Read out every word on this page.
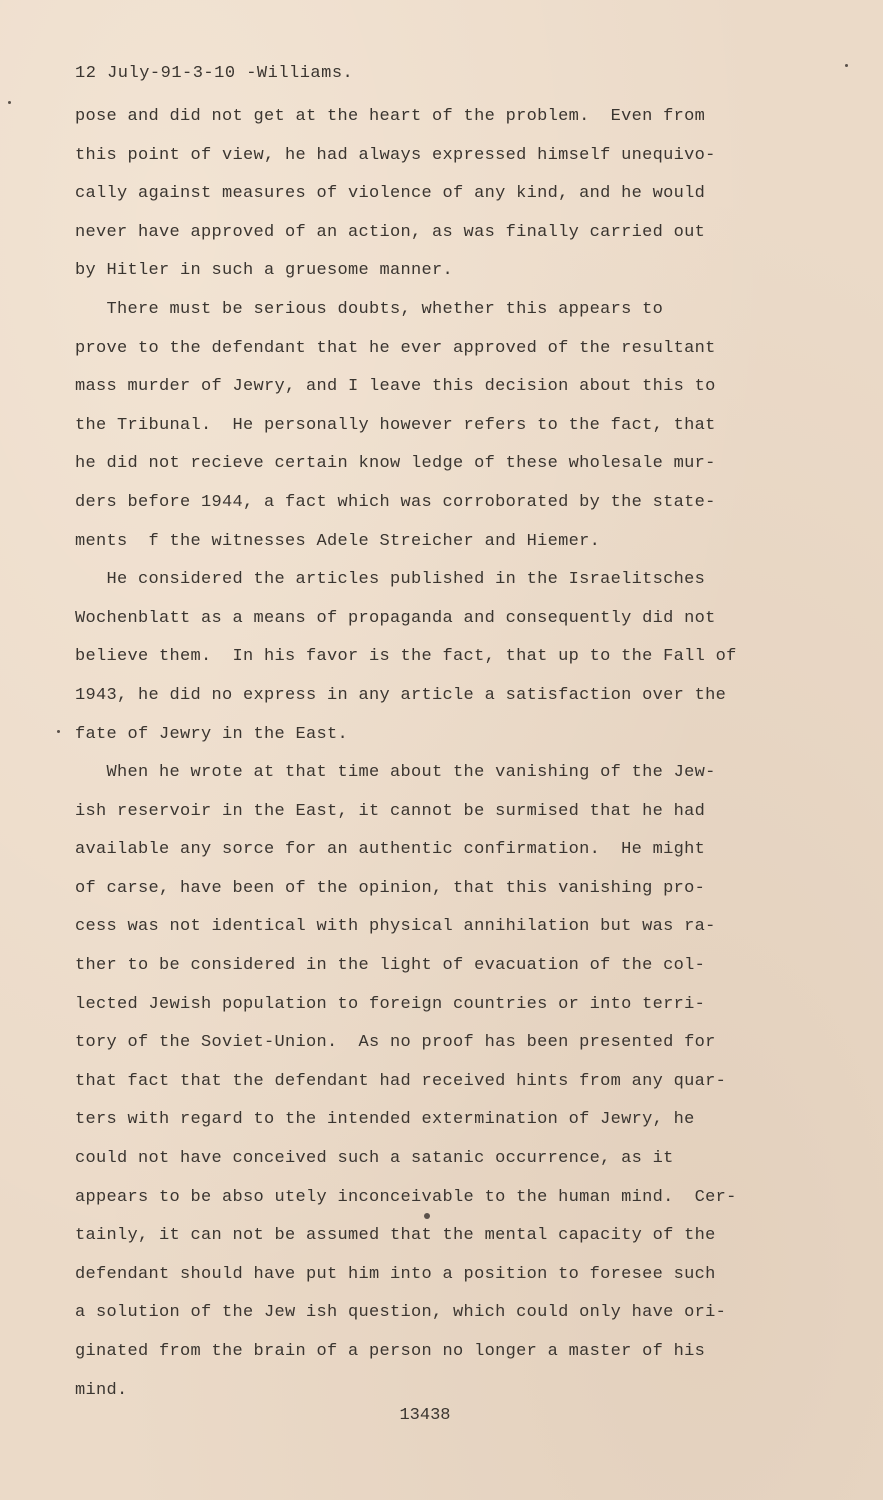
12 July-91-3-10 -Williams.
pose and did not get at the heart of the problem.  Even from
this point of view, he had always expressed himself unequivo-
cally against measures of violence of any kind, and he would
never have approved of an action, as was finally carried out
by Hitler in such a gruesome manner.
There must be serious doubts, whether this appears to
prove to the defendant that he ever approved of the resultant
mass murder of Jewry, and I leave this decision about this to
the Tribunal.  He personally however refers to the fact, that
he did not recieve certain know ledge of these wholesale mur-
ders before 1944, a fact which was corroborated by the state-
ments  f the witnesses Adele Streicher and Hiemer.
He considered the articles published in the Israelitsches
Wochenblatt as a means of propaganda and consequently did not
believe them.  In his favor is the fact, that up to the Fall of
1943, he did no express in any article a satisfaction over the
fate of Jewry in the East.
When he wrote at that time about the vanishing of the Jew-
ish reservoir in the East, it cannot be surmised that he had
available any sorce for an authentic confirmation.  He might
of carse, have been of the opinion, that this vanishing pro-
cess was not identical with physical annihilation but was ra-
ther to be considered in the light of evacuation of the col-
lected Jewish population to foreign countries or into terri-
tory of the Soviet-Union.  As no proof has been presented for
that fact that the defendant had received hints from any quar-
ters with regard to the intended extermination of Jewry, he
could not have conceived such a satanic occurrence, as it
appears to be abso utely inconceivable to the human mind.  Cer-
tainly, it can not be assumed that the mental capacity of the
defendant should have put him into a position to foresee such
a solution of the Jew ish question, which could only have ori-
ginated from the brain of a person no longer a master of his
mind.
13438
